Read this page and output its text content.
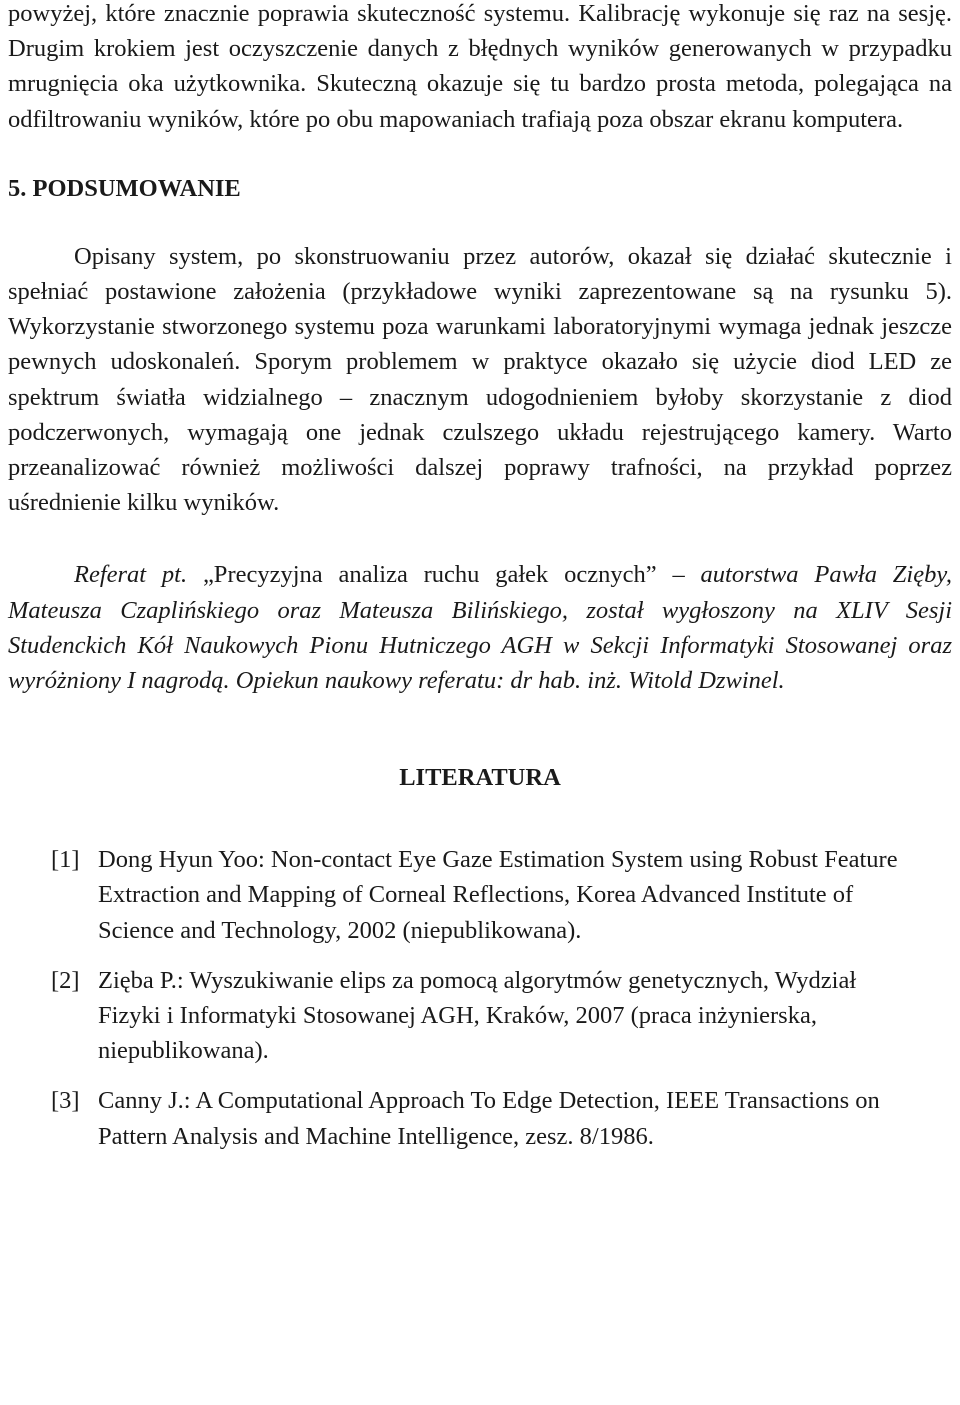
powyżej, które znacznie poprawia skuteczność systemu. Kalibrację wykonuje się raz na sesję. Drugim krokiem jest oczyszczenie danych z błędnych wyników generowanych w przypadku mrugnięcia oka użytkownika. Skuteczną okazuje się tu bardzo prosta metoda, polegająca na odfiltrowaniu wyników, które po obu mapowaniach trafiają poza obszar ekranu komputera.

5. PODSUMOWANIE

Opisany system, po skonstruowaniu przez autorów, okazał się działać skutecznie i spełniać postawione założenia (przykładowe wyniki zaprezentowane są na rysunku 5). Wykorzystanie stworzonego systemu poza warunkami laboratoryjnymi wymaga jednak jeszcze pewnych udoskonaleń. Sporym problemem w praktyce okazało się użycie diod LED ze spektrum światła widzialnego – znacznym udogodnieniem byłoby skorzystanie z diod podczerwonych, wymagają one jednak czulszego układu rejestrującego kamery. Warto przeanalizować również możliwości dalszej poprawy trafności, na przykład poprzez uśrednienie kilku wyników.

Referat pt. „Precyzyjna analiza ruchu gałek ocznych” – autorstwa Pawła Zięby, Mateusza Czaplińskiego oraz Mateusza Bilińskiego, został wygłoszony na XLIV Sesji Studenckich Kół Naukowych Pionu Hutniczego AGH w Sekcji Informatyki Stosowanej oraz wyróżniony I nagrodą. Opiekun naukowy referatu: dr hab. inż. Witold Dzwinel.

LITERATURA
[1] Dong Hyun Yoo: Non-contact Eye Gaze Estimation System using Robust Feature Extraction and Mapping of Corneal Reflections, Korea Advanced Institute of Science and Technology, 2002 (niepublikowana).
[2] Zięba P.: Wyszukiwanie elips za pomocą algorytmów genetycznych, Wydział Fizyki i Informatyki Stosowanej AGH, Kraków, 2007 (praca inżynierska, niepublikowana).
[3] Canny J.: A Computational Approach To Edge Detection, IEEE Transactions on Pattern Analysis and Machine Intelligence, zesz. 8/1986.
